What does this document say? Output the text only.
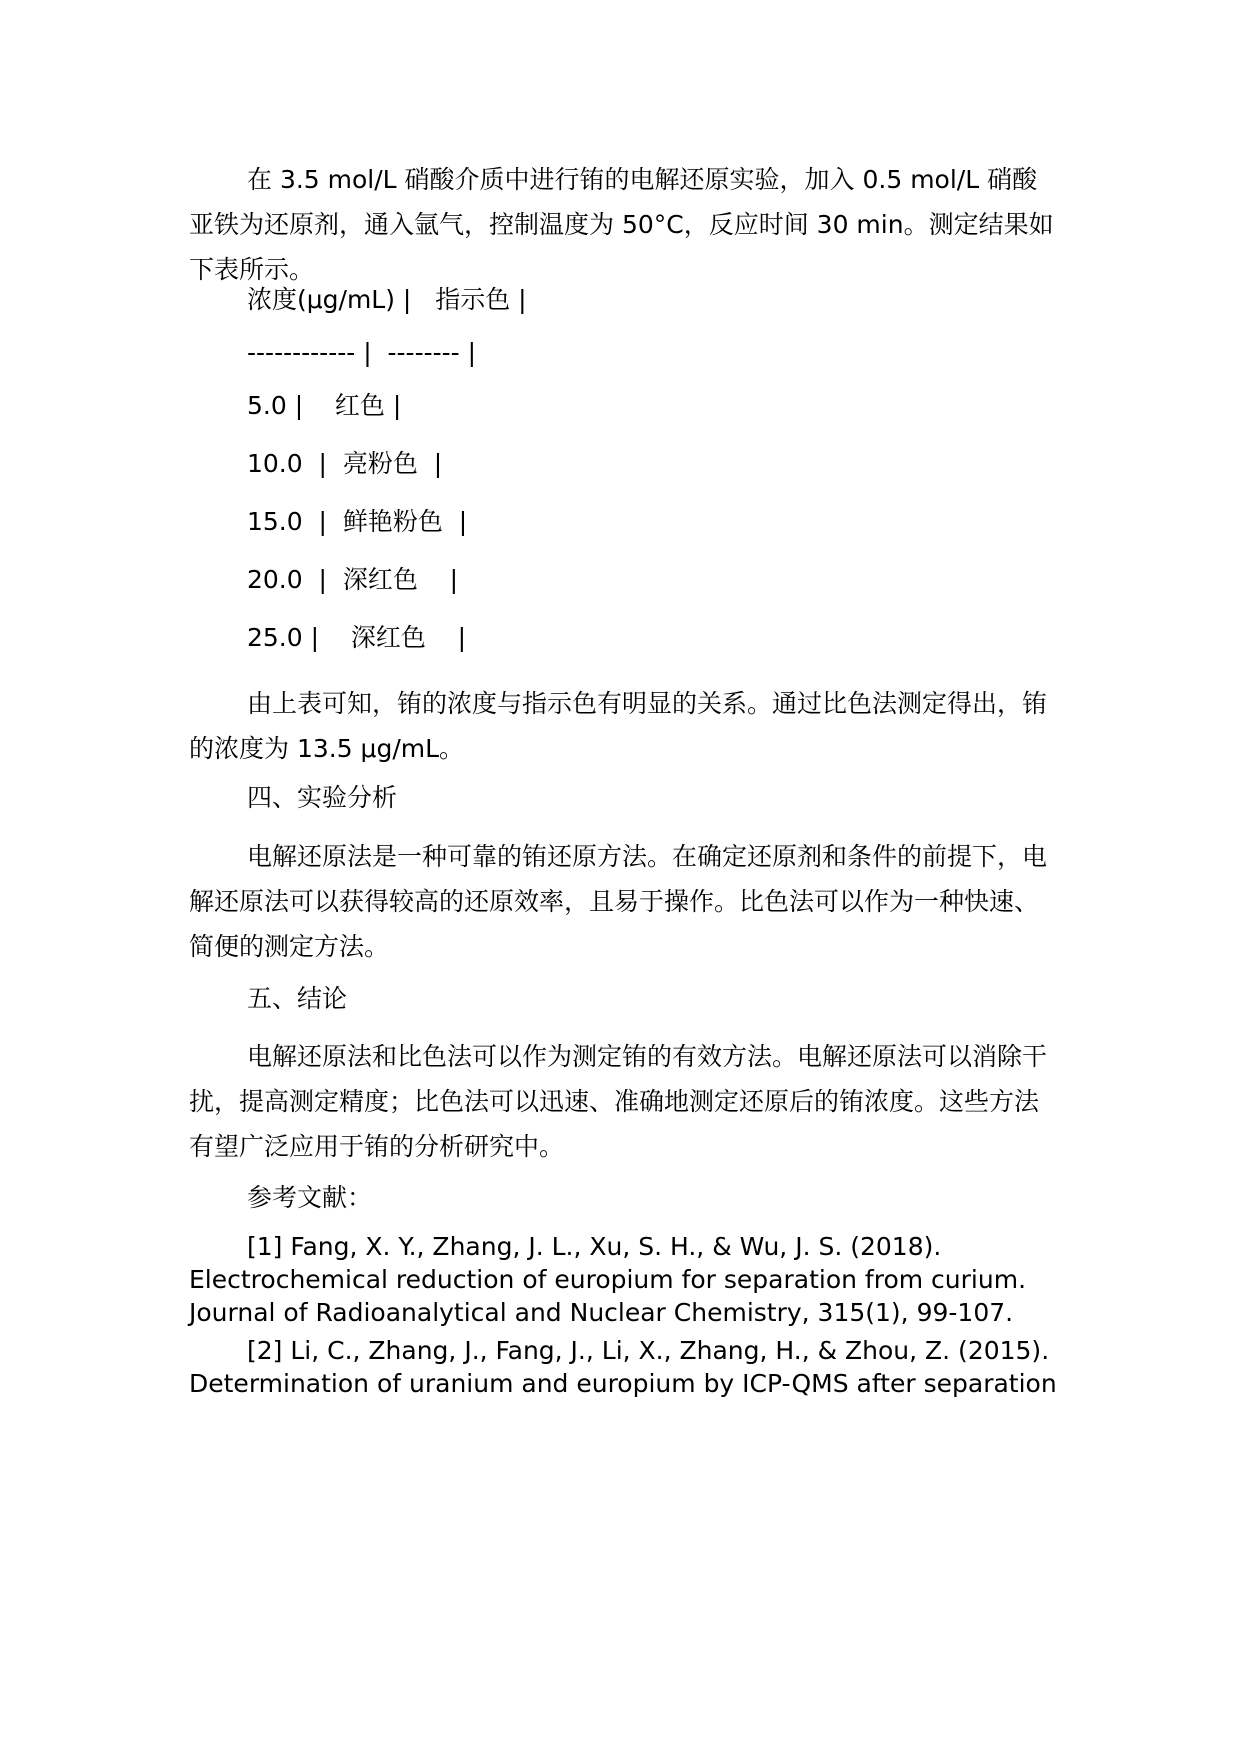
在 3.5 mol/L 硝酸介质中进行铕的电解还原实验，加入 0.5 mol/L 硝酸亚铁为还原剂，通入氩气，控制温度为 50°C，反应时间 30 min。测定结果如下表所示。

浓度(μg/mL) |   指示色 |
------------ |  -------- |
5.0 |    红色 |
10.0  |  亮粉色  |
15.0  |  鲜艳粉色  |
20.0  |  深红色    |
25.0 |    深红色    |

由上表可知，铕的浓度与指示色有明显的关系。通过比色法测定得出，铕的浓度为 13.5 μg/mL。

四、实验分析

电解还原法是一种可靠的铕还原方法。在确定还原剂和条件的前提下，电解还原法可以获得较高的还原效率，且易于操作。比色法可以作为一种快速、简便的测定方法。

五、结论

电解还原法和比色法可以作为测定铕的有效方法。电解还原法可以消除干扰，提高测定精度；比色法可以迅速、准确地测定还原后的铕浓度。这些方法有望广泛应用于铕的分析研究中。

参考文献：

[1] Fang, X. Y., Zhang, J. L., Xu, S. H., & Wu, J. S. (2018). Electrochemical reduction of europium for separation from curium. Journal of Radioanalytical and Nuclear Chemistry, 315(1), 99-107.

[2] Li, C., Zhang, J., Fang, J., Li, X., Zhang, H., & Zhou, Z. (2015). Determination of uranium and europium by ICP-QMS after separation
